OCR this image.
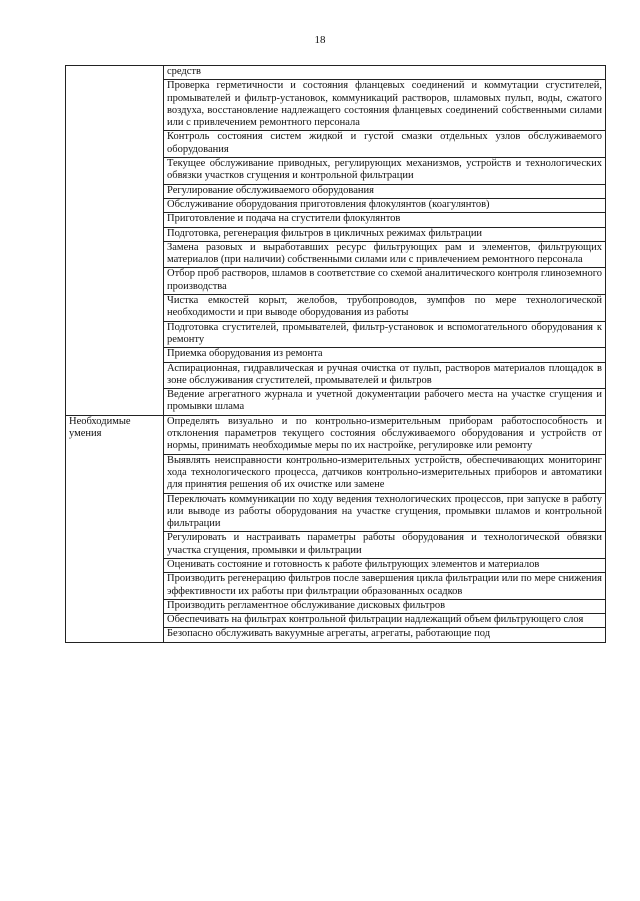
18
	средств
	Проверка герметичности и состояния фланцевых соединений и коммутации сгустителей, промывателей и фильтр-установок, коммуникаций растворов, шламовых пульп, воды, сжатого воздуха, восстановление надлежащего состояния фланцевых соединений собственными силами или с привлечением ремонтного персонала
	Контроль состояния систем жидкой и густой смазки отдельных узлов обслуживаемого оборудования
	Текущее обслуживание приводных, регулирующих механизмов, устройств и технологических обвязки участков сгущения и контрольной фильтрации
	Регулирование обслуживаемого оборудования
	Обслуживание оборудования приготовления флокулянтов (коагулянтов)
	Приготовление и подача на сгустители флокулянтов
	Подготовка, регенерация фильтров в цикличных режимах фильтрации
	Замена разовых и выработавших ресурс фильтрующих рам и элементов, фильтрующих материалов (при наличии) собственными силами или с привлечением ремонтного персонала
	Отбор проб растворов, шламов в соответствие со схемой аналитического контроля глиноземного производства
	Чистка емкостей корыт, желобов, трубопроводов, зумпфов по мере технологической необходимости и при выводе оборудования из работы
	Подготовка сгустителей, промывателей, фильтр-установок и вспомогательного оборудования к ремонту
	Приемка оборудования из ремонта
	Аспирационная, гидравлическая и ручная очистка от пульп, растворов материалов площадок в зоне обслуживания сгустителей, промывателей и фильтров
	Ведение агрегатного журнала и учетной документации рабочего места на участке сгущения и промывки шлама
Необходимые умения	Определять визуально и по контрольно-измерительным приборам работоспособность и отклонения параметров текущего состояния обслуживаемого оборудования и устройств от нормы, принимать необходимые меры по их настройке, регулировке или ремонту
	Выявлять неисправности контрольно-измерительных устройств, обеспечивающих мониторинг хода технологического процесса, датчиков контрольно-измерительных приборов и автоматики для принятия решения об их очистке или замене
	Переключать коммуникации по ходу ведения технологических процессов, при запуске в работу или выводе из работы оборудования на участке сгущения, промывки шламов и контрольной фильтрации
	Регулировать и настраивать параметры работы оборудования и технологической обвязки участка сгущения, промывки и фильтрации
	Оценивать состояние и готовность к работе фильтрующих элементов и материалов
	Производить регенерацию фильтров после завершения цикла фильтрации или по мере снижения эффективности их работы при фильтрации образованных осадков
	Производить регламентное обслуживание дисковых фильтров
	Обеспечивать на фильтрах контрольной фильтрации надлежащий объем фильтрующего слоя
	Безопасно обслуживать вакуумные агрегаты, агрегаты, работающие под
